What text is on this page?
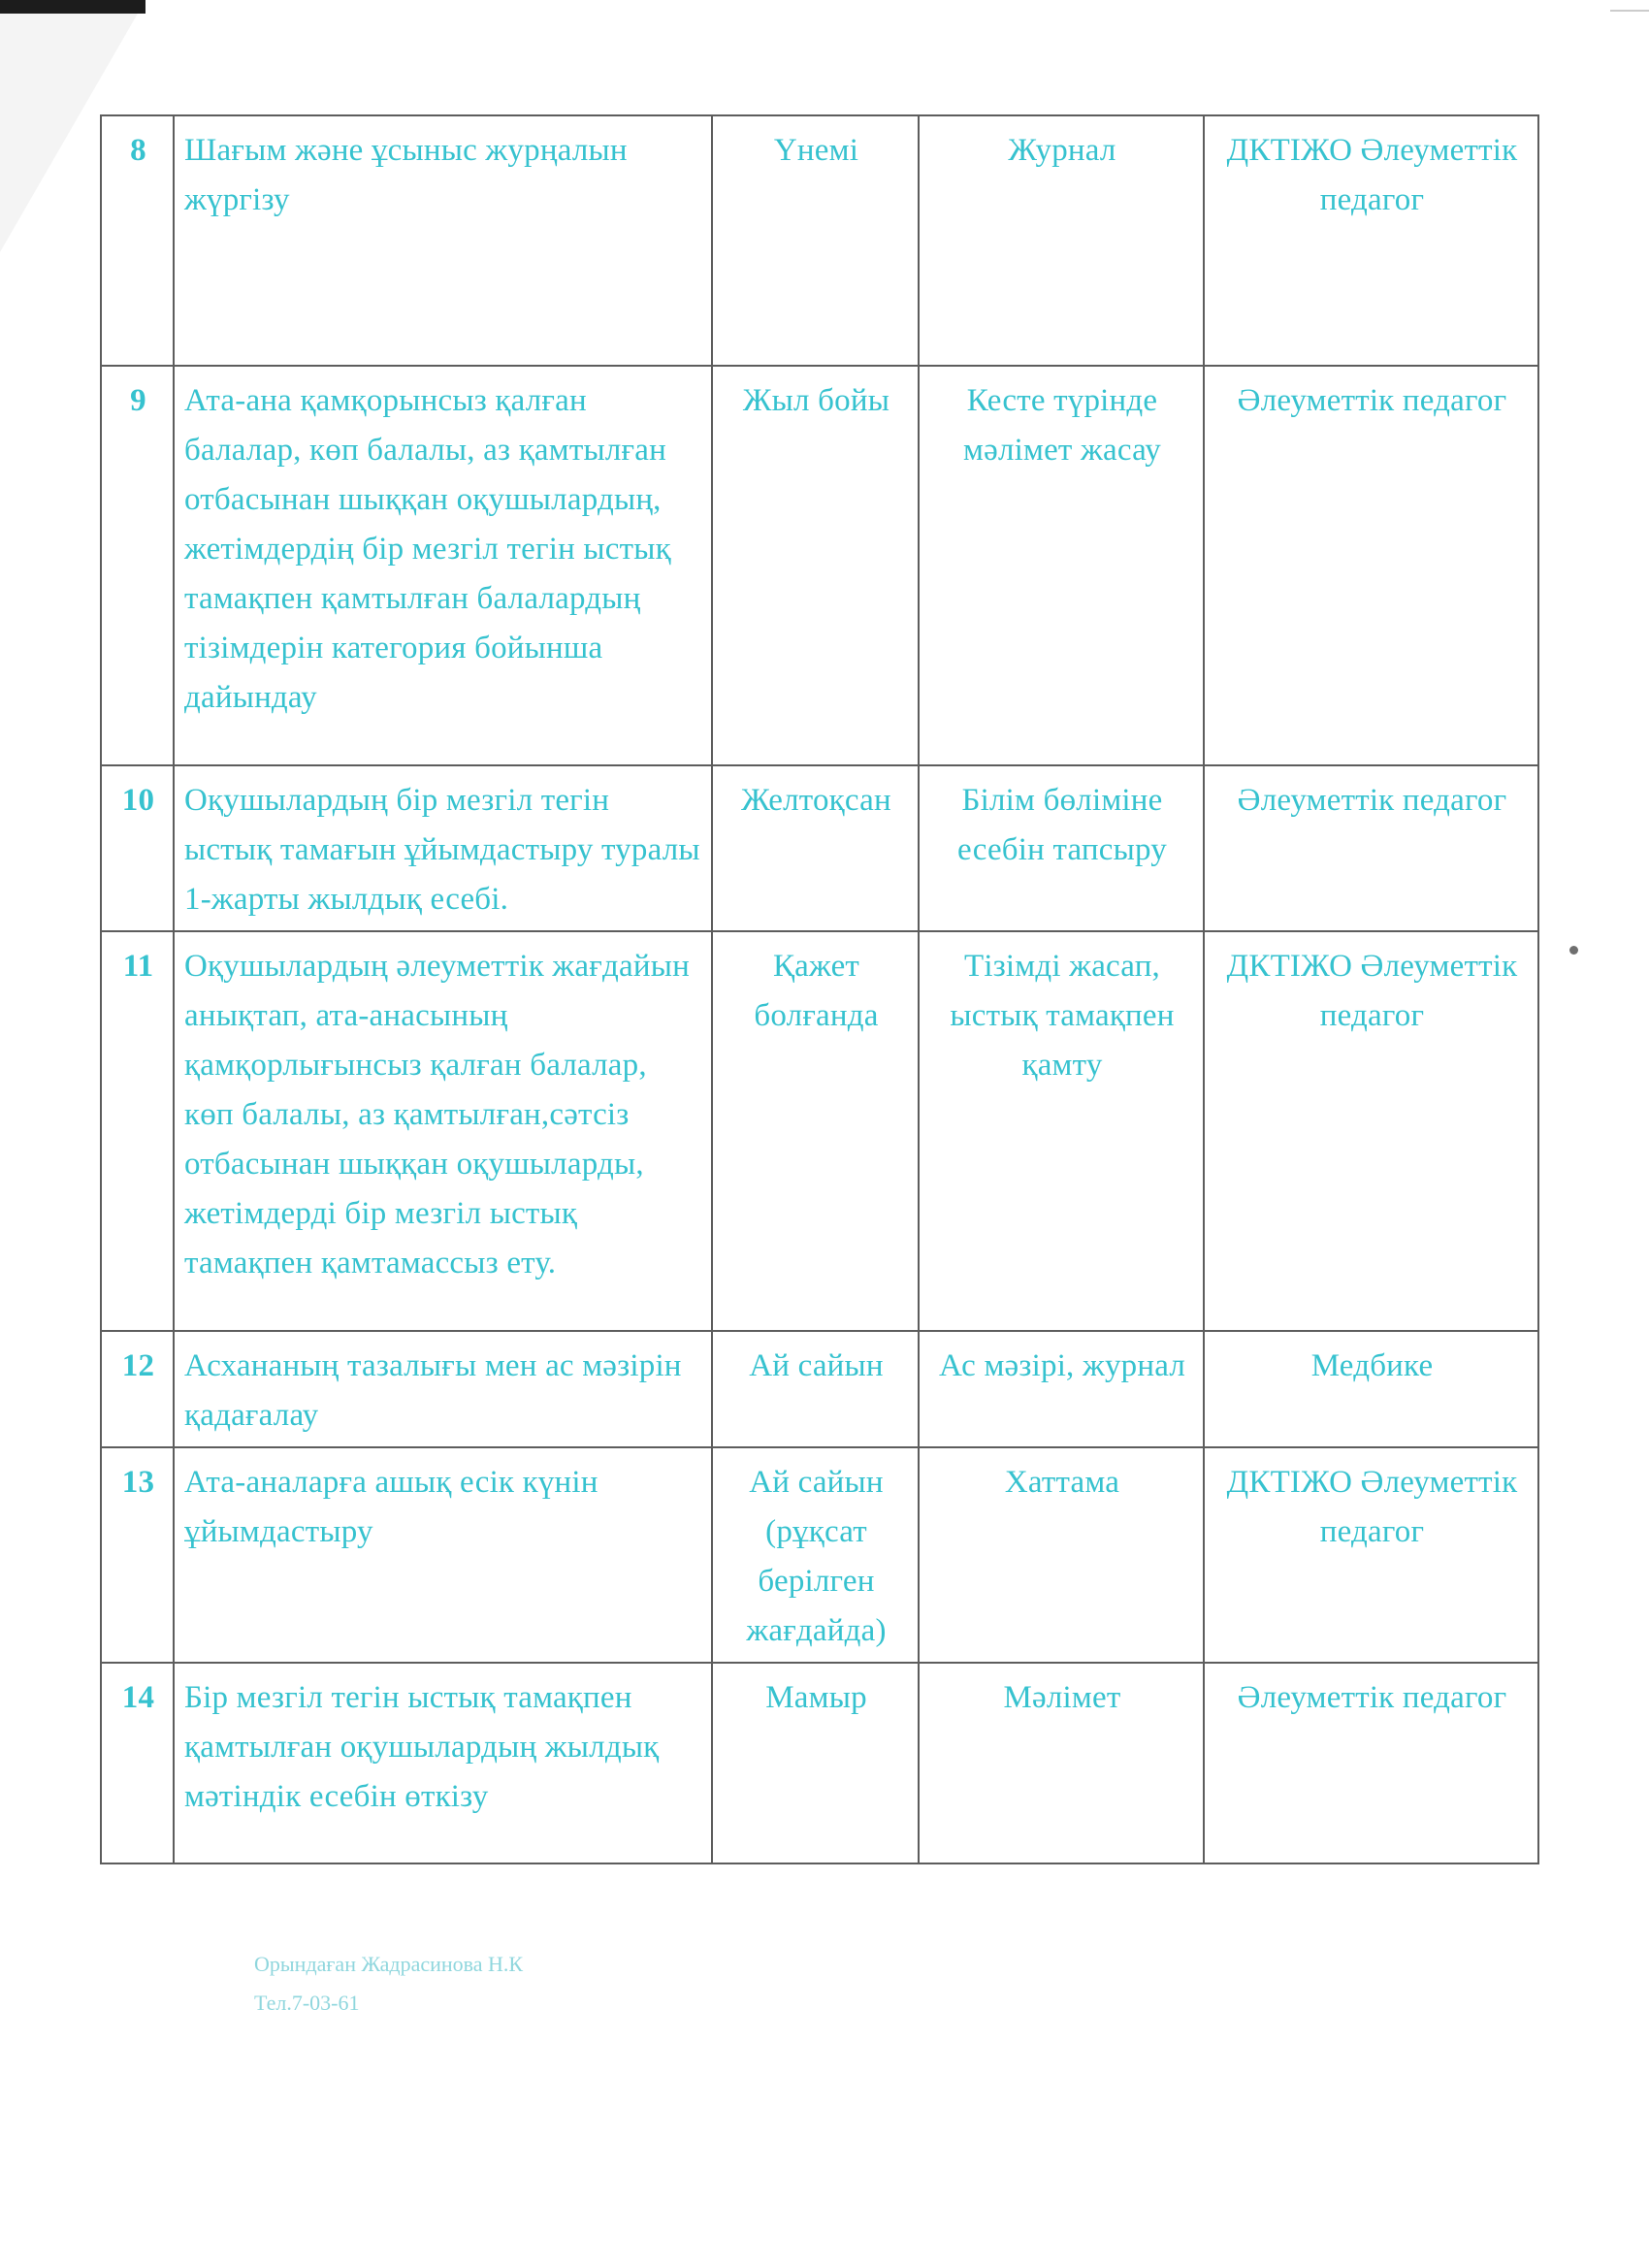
8	Шағым және ұсыныс журңалын жүргізу	Үнемі	Журнал	ДКТІЖО Әлеуметтік педагог
9	Ата-ана қамқорынсыз қалған балалар, көп балалы, аз қамтылған отбасынан шыққан оқушылардың, жетімдердің бір мезгіл тегін ыстық тамақпен қамтылған балалардың тізімдерін категория бойынша дайындау	Жыл бойы	Кесте түрінде мәлімет жасау	Әлеуметтік педагог
10	Оқушылардың бір мезгіл тегін ыстық тамағын ұйымдастыру туралы 1-жарты жылдық есебі.	Желтоқсан	Білім бөліміне есебін тапсыру	Әлеуметтік педагог
11	Оқушылардың әлеуметтік жағдайын анықтап, ата-анасының қамқорлығынсыз қалған балалар, көп балалы, аз қамтылған,сәтсіз отбасынан шыққан оқушыларды, жетімдерді бір мезгіл ыстық тамақпен қамтамассыз ету.	Қажет болғанда	Тізімді жасап, ыстық тамақпен қамту	ДКТІЖО Әлеуметтік педагог
12	Асхананың тазалығы мен ас мәзірін қадағалау	Ай сайын	Ас мәзірі, журнал	Медбике
13	Ата-аналарға ашық есік күнін ұйымдастыру	Ай сайын (рұқсат берілген жағдайда)	Хаттама	ДКТІЖО Әлеуметтік педагог
14	Бір мезгіл тегін ыстық тамақпен қамтылған оқушылардың жылдық мәтіндік есебін өткізу	Мамыр	Мәлімет	Әлеуметтік педагог
Орындаған Жадрасинова Н.К
Тел.7-03-61
